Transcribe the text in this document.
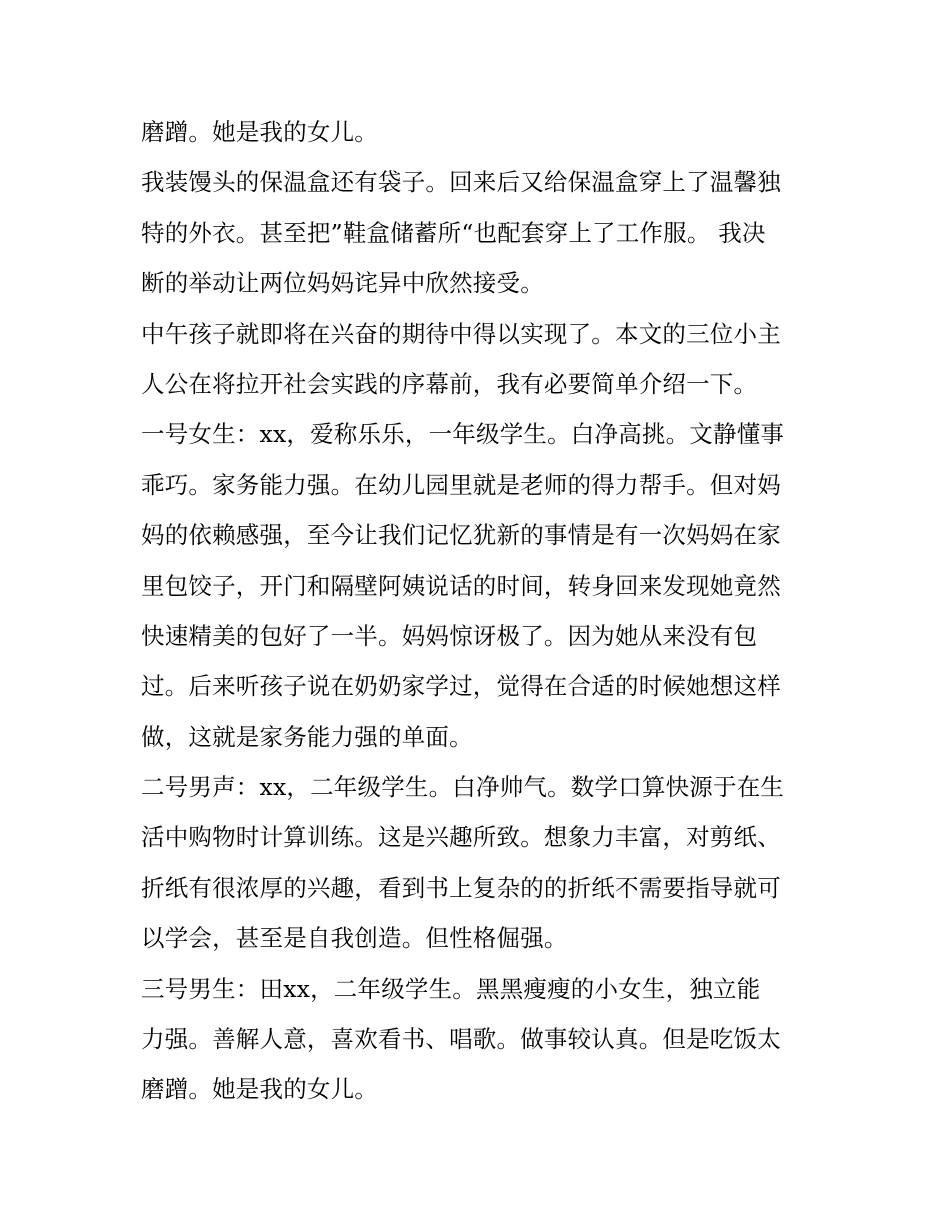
磨蹭。她是我的女儿。
我装馒头的保温盒还有袋子。回来后又给保温盒穿上了温馨独
特的外衣。甚至把”鞋盒储蓄所“也配套穿上了工作服。 我决
断的举动让两位妈妈诧异中欣然接受。
中午孩子就即将在兴奋的期待中得以实现了。本文的三位小主
人公在将拉开社会实践的序幕前，我有必要简单介绍一下。
一号女生：xx，爱称乐乐，一年级学生。白净高挑。文静懂事
乖巧。家务能力强。在幼儿园里就是老师的得力帮手。但对妈
妈的依赖感强，至今让我们记忆犹新的事情是有一次妈妈在家
里包饺子，开门和隔壁阿姨说话的时间，转身回来发现她竟然
快速精美的包好了一半。妈妈惊讶极了。因为她从来没有包
过。后来听孩子说在奶奶家学过，觉得在合适的时候她想这样
做，这就是家务能力强的单面。
二号男声：xx，二年级学生。白净帅气。数学口算快源于在生
活中购物时计算训练。这是兴趣所致。想象力丰富，对剪纸、
折纸有很浓厚的兴趣，看到书上复杂的的折纸不需要指导就可
以学会，甚至是自我创造。但性格倔强。
三号男生：田xx，二年级学生。黑黑瘦瘦的小女生，独立能
力强。善解人意，喜欢看书、唱歌。做事较认真。但是吃饭太
磨蹭。她是我的女儿。
